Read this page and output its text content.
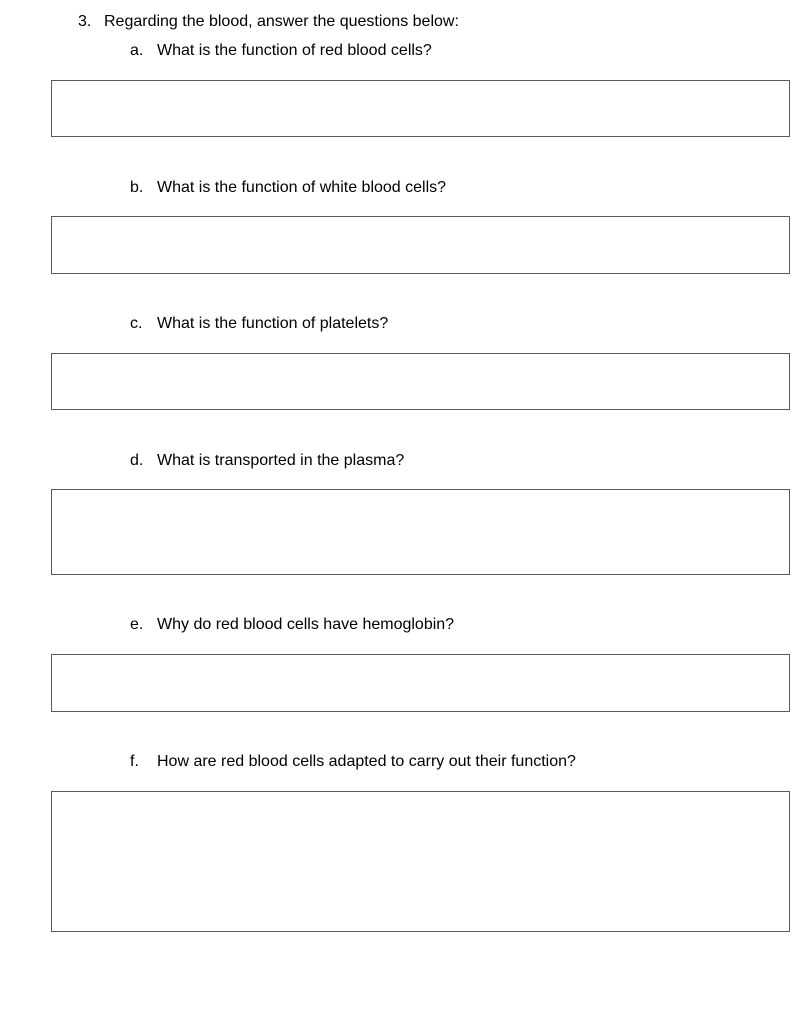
3. Regarding the blood, answer the questions below:
a. What is the function of red blood cells?
b. What is the function of white blood cells?
c. What is the function of platelets?
d. What is transported in the plasma?
e. Why do red blood cells have hemoglobin?
f. How are red blood cells adapted to carry out their function?
